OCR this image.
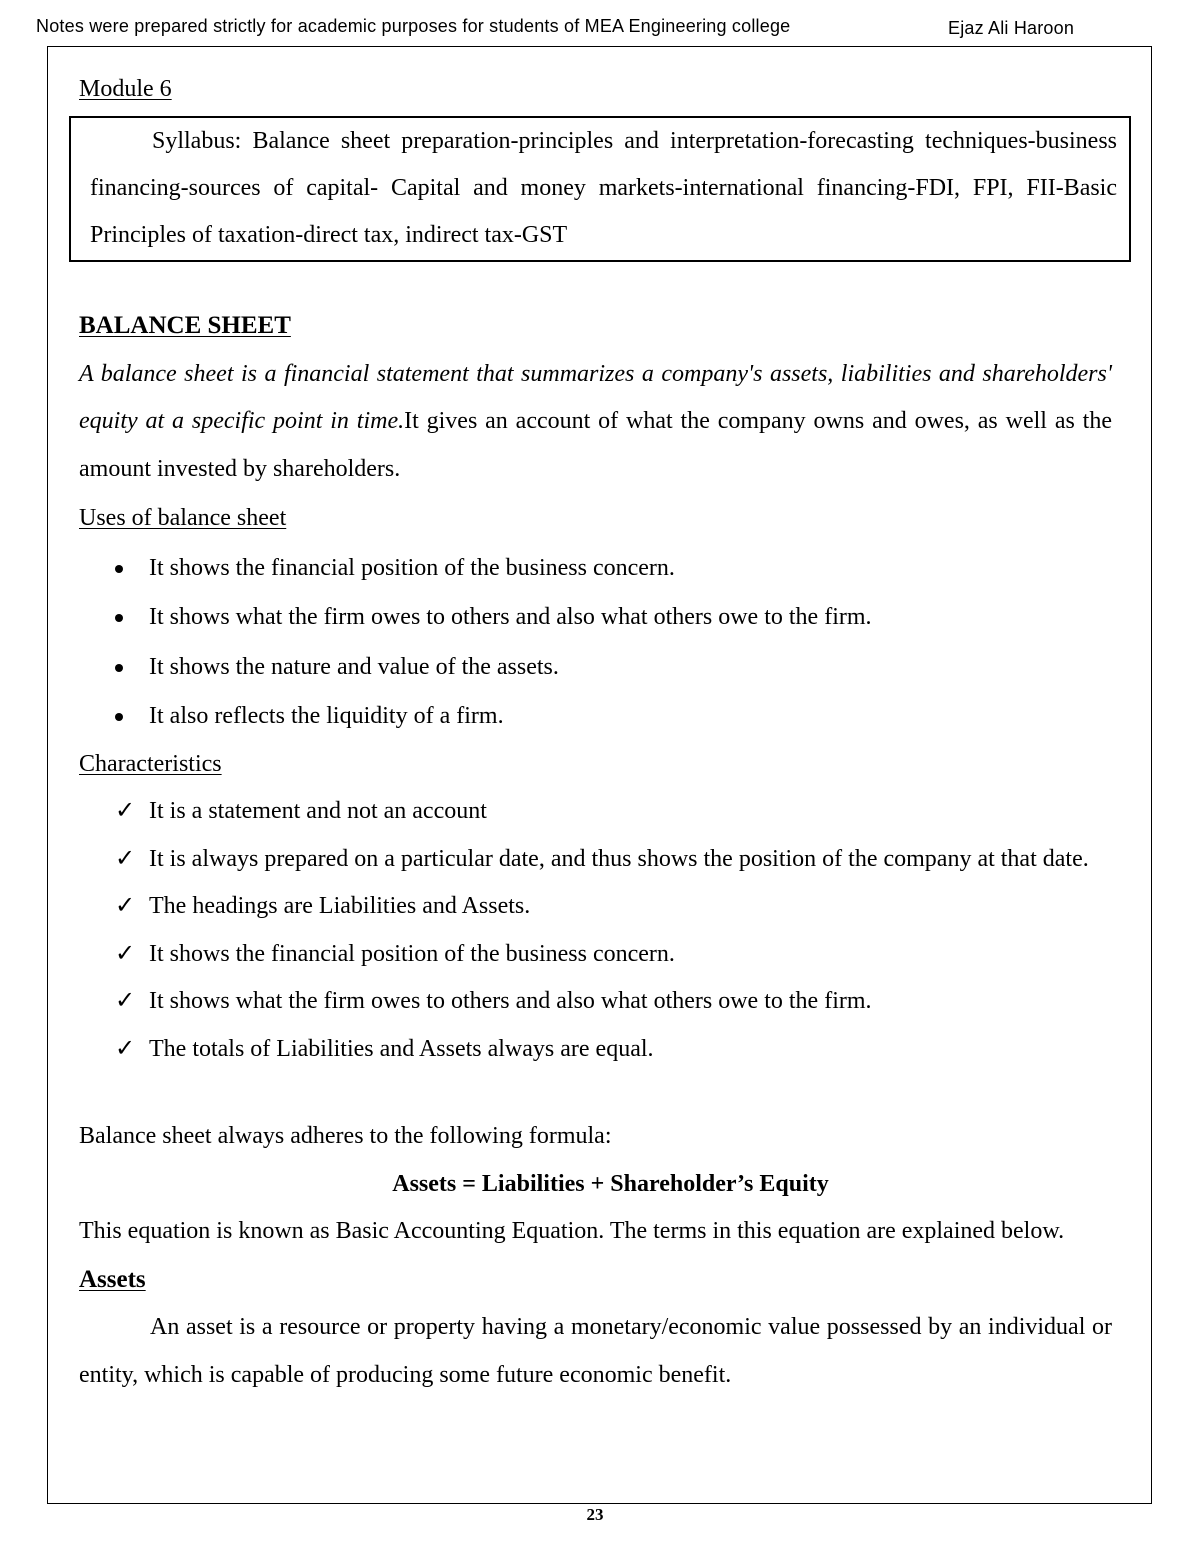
Notes were prepared strictly for academic purposes for students of MEA Engineering college	Ejaz Ali Haroon
Module 6

Syllabus: Balance sheet preparation-principles and interpretation-forecasting techniques-business financing-sources of capital- Capital and money markets-international financing-FDI, FPI, FII-Basic Principles of taxation-direct tax, indirect tax-GST

BALANCE SHEET

A balance sheet is a financial statement that summarizes a company's assets, liabilities and shareholders' equity at a specific point in time.It gives an account of what the company owns and owes, as well as the amount invested by shareholders.

Uses of balance sheet

It shows the financial position of the business concern.
It shows what the firm owes to others and also what others owe to the firm.
It shows the nature and value of the assets.
It also reflects the liquidity of a firm.

Characteristics

✓ It is a statement and not an account
✓ It is always prepared on a particular date, and thus shows the position of the company at that date.
✓ The headings are Liabilities and Assets.
✓ It shows the financial position of the business concern.
✓ It shows what the firm owes to others and also what others owe to the firm.
✓ The totals of Liabilities and Assets always are equal.

Balance sheet always adheres to the following formula:

Assets = Liabilities + Shareholder’s Equity

This equation is known as Basic Accounting Equation. The terms in this equation are explained below.

Assets

An asset is a resource or property having a monetary/economic value possessed by an individual or entity, which is capable of producing some future economic benefit.

23
